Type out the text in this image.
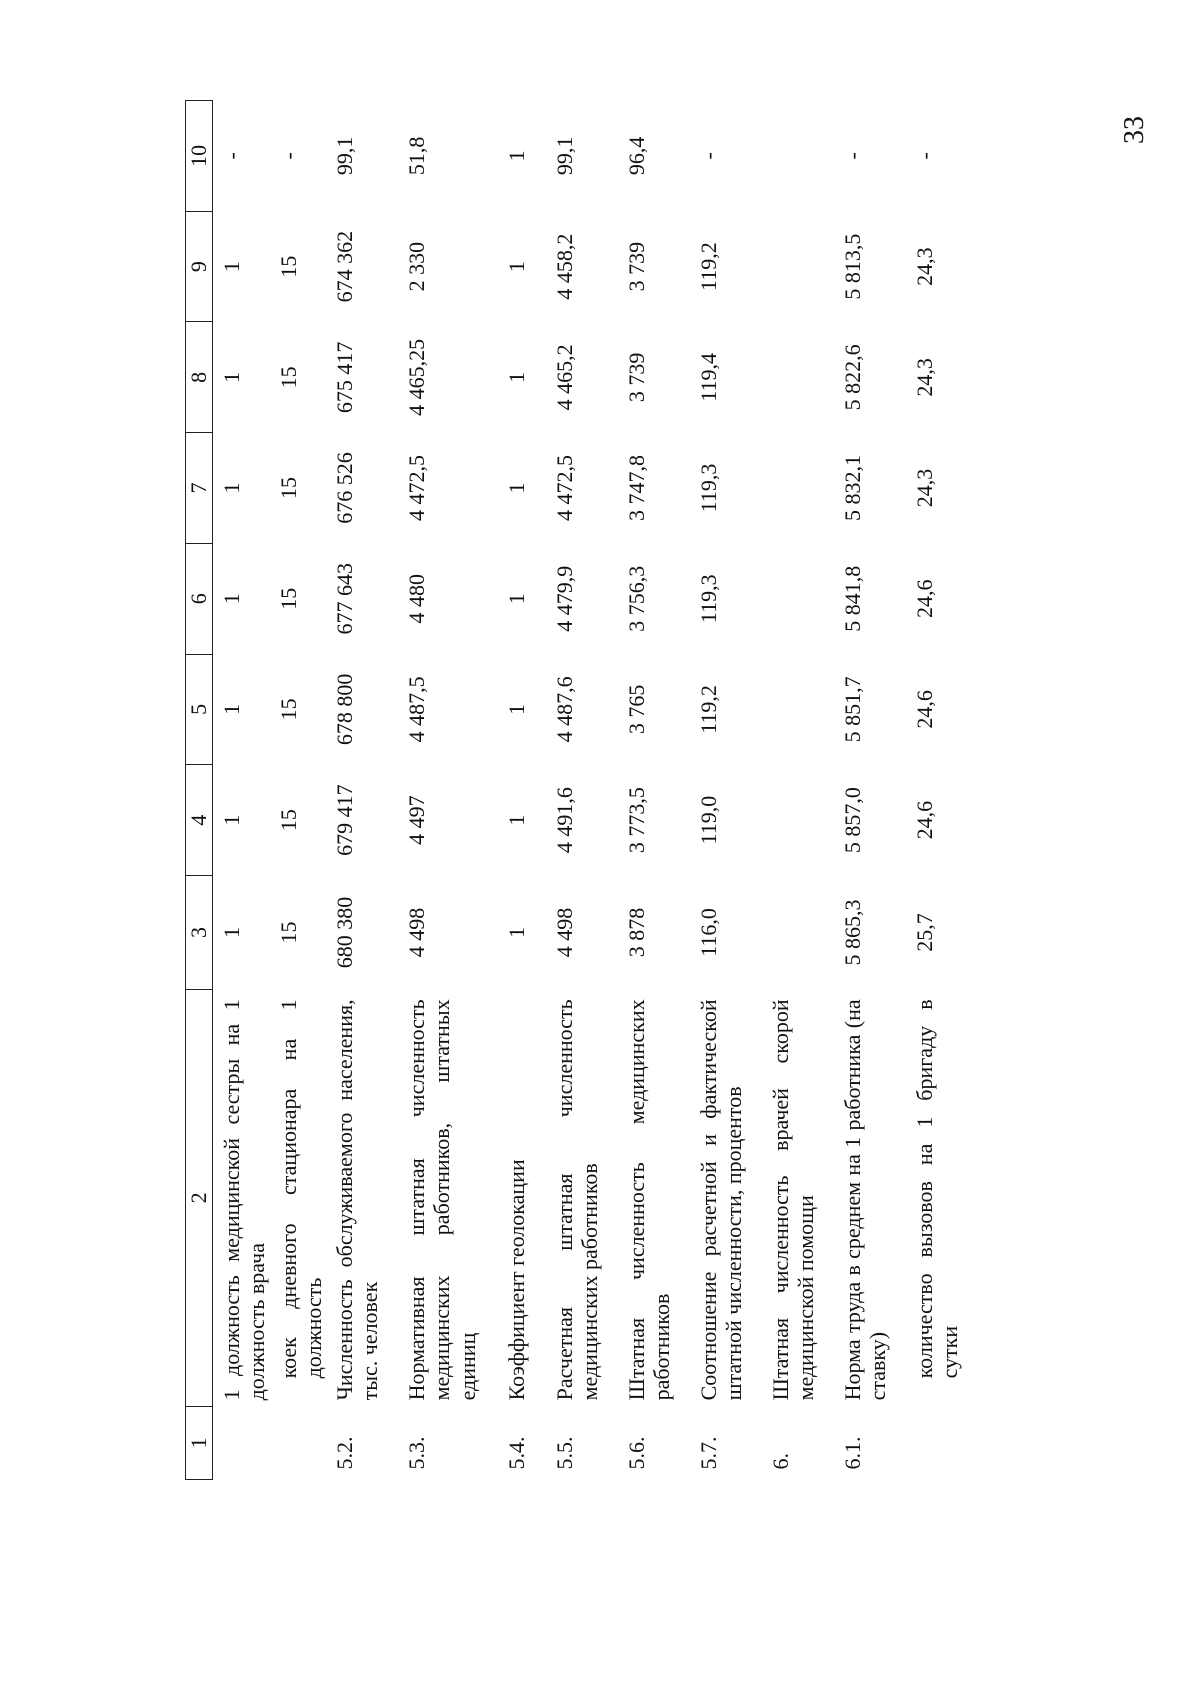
33
1	2	3	4	5	6	7	8	9	10
	1 должность медицинской сестры на 1 должность врача	1	1	1	1	1	1	1	-
	коек дневного стационара на 1 должность	15	15	15	15	15	15	15	-
5.2.	Численность обслуживаемого населения, тыс. человек	680 380	679 417	678 800	677 643	676 526	675 417	674 362	99,1
5.3.	Нормативная штатная численность медицинских работников, штатных единиц	4 498	4 497	4 487,5	4 480	4 472,5	4 465,25	2 330	51,8
5.4.	Коэффициент геолокации	1	1	1	1	1	1	1	1
5.5.	Расчетная штатная численность медицинских работников	4 498	4 491,6	4 487,6	4 479,9	4 472,5	4 465,2	4 458,2	99,1
5.6.	Штатная численность медицинских работников	3 878	3 773,5	3 765	3 756,3	3 747,8	3 739	3 739	96,4
5.7.	Соотношение расчетной и фактической штатной численности, процентов	116,0	119,0	119,2	119,3	119,3	119,4	119,2	-
6.	Штатная численность врачей скорой медицинской помощи								
6.1.	Норма труда в среднем на 1 работника (на ставку)	5 865,3	5 857,0	5 851,7	5 841,8	5 832,1	5 822,6	5 813,5	-
	количество вызовов на 1 бригаду в сутки	25,7	24,6	24,6	24,6	24,3	24,3	24,3	-
